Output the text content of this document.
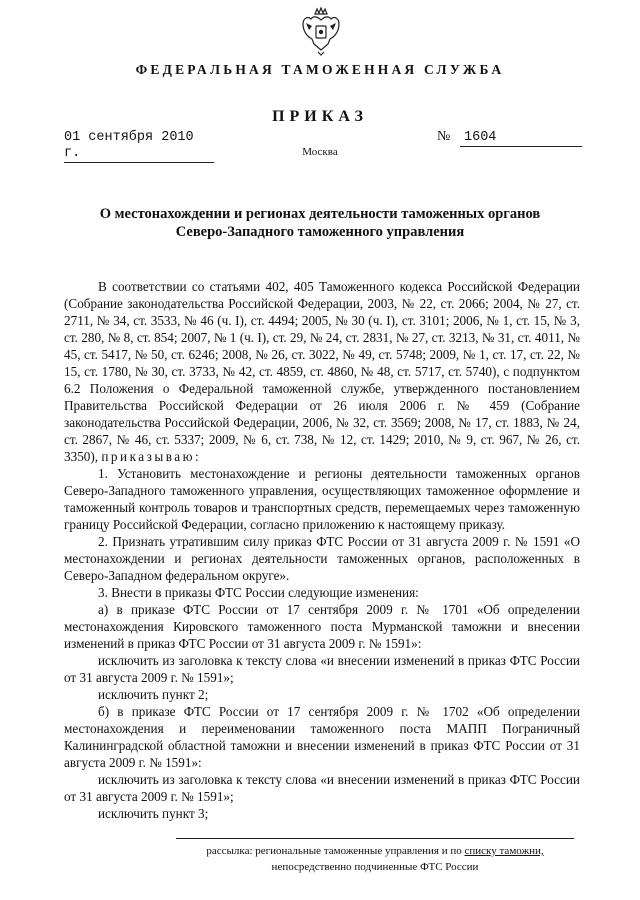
ФЕДЕРАЛЬНАЯ ТАМОЖЕННАЯ СЛУЖБА
ПРИКАЗ
01 сентября 2010 г.
№ 1604
Москва
О местонахождении и регионах деятельности таможенных органов
Северо-Западного таможенного управления

В соответствии со статьями 402, 405 Таможенного кодекса Российской Федерации (Собрание законодательства Российской Федерации, 2003, № 22, ст. 2066; 2004, № 27, ст. 2711, № 34, ст. 3533, № 46 (ч. I), ст. 4494; 2005, № 30 (ч. I), ст. 3101; 2006, № 1, ст. 15, № 3, ст. 280, № 8, ст. 854; 2007, № 1 (ч. I), ст. 29, № 24, ст. 2831, № 27, ст. 3213, № 31, ст. 4011, № 45, ст. 5417, № 50, ст. 6246; 2008, № 26, ст. 3022, № 49, ст. 5748; 2009, № 1, ст. 17, ст. 22, № 15, ст. 1780, № 30, ст. 3733, № 42, ст. 4859, ст. 4860, № 48, ст. 5717, ст. 5740), с подпунктом 6.2 Положения о Федеральной таможенной службе, утвержденного постановлением Правительства Российской Федерации от 26 июля 2006 г. № 459 (Собрание законодательства Российской Федерации, 2006, № 32, ст. 3569; 2008, № 17, ст. 1883, № 24, ст. 2867, № 46, ст. 5337; 2009, № 6, ст. 738, № 12, ст. 1429; 2010, № 9, ст. 967, № 26, ст. 3350), приказываю:

1. Установить местонахождение и регионы деятельности таможенных органов Северо-Западного таможенного управления, осуществляющих таможенное оформление и таможенный контроль товаров и транспортных средств, перемещаемых через таможенную границу Российской Федерации, согласно приложению к настоящему приказу.

2. Признать утратившим силу приказ ФТС России от 31 августа 2009 г. № 1591 «О местонахождении и регионах деятельности таможенных органов, расположенных в Северо-Западном федеральном округе».

3. Внести в приказы ФТС России следующие изменения:

а) в приказе ФТС России от 17 сентября 2009 г. № 1701 «Об определении местонахождения Кировского таможенного поста Мурманской таможни и внесении изменений в приказ ФТС России от 31 августа 2009 г. № 1591»:

исключить из заголовка к тексту слова «и внесении изменений в приказ ФТС России от 31 августа 2009 г. № 1591»;

исключить пункт 2;

б) в приказе ФТС России от 17 сентября 2009 г. № 1702 «Об определении местонахождения и переименовании таможенного поста МАПП Пограничный Калининградской областной таможни и внесении изменений в приказ ФТС России от 31 августа 2009 г. № 1591»:

исключить из заголовка к тексту слова «и внесении изменений в приказ ФТС России от 31 августа 2009 г. № 1591»;

исключить пункт 3;

рассылка: региональные таможенные управления и по списку таможни,
непосредственно подчиненные ФТС России
